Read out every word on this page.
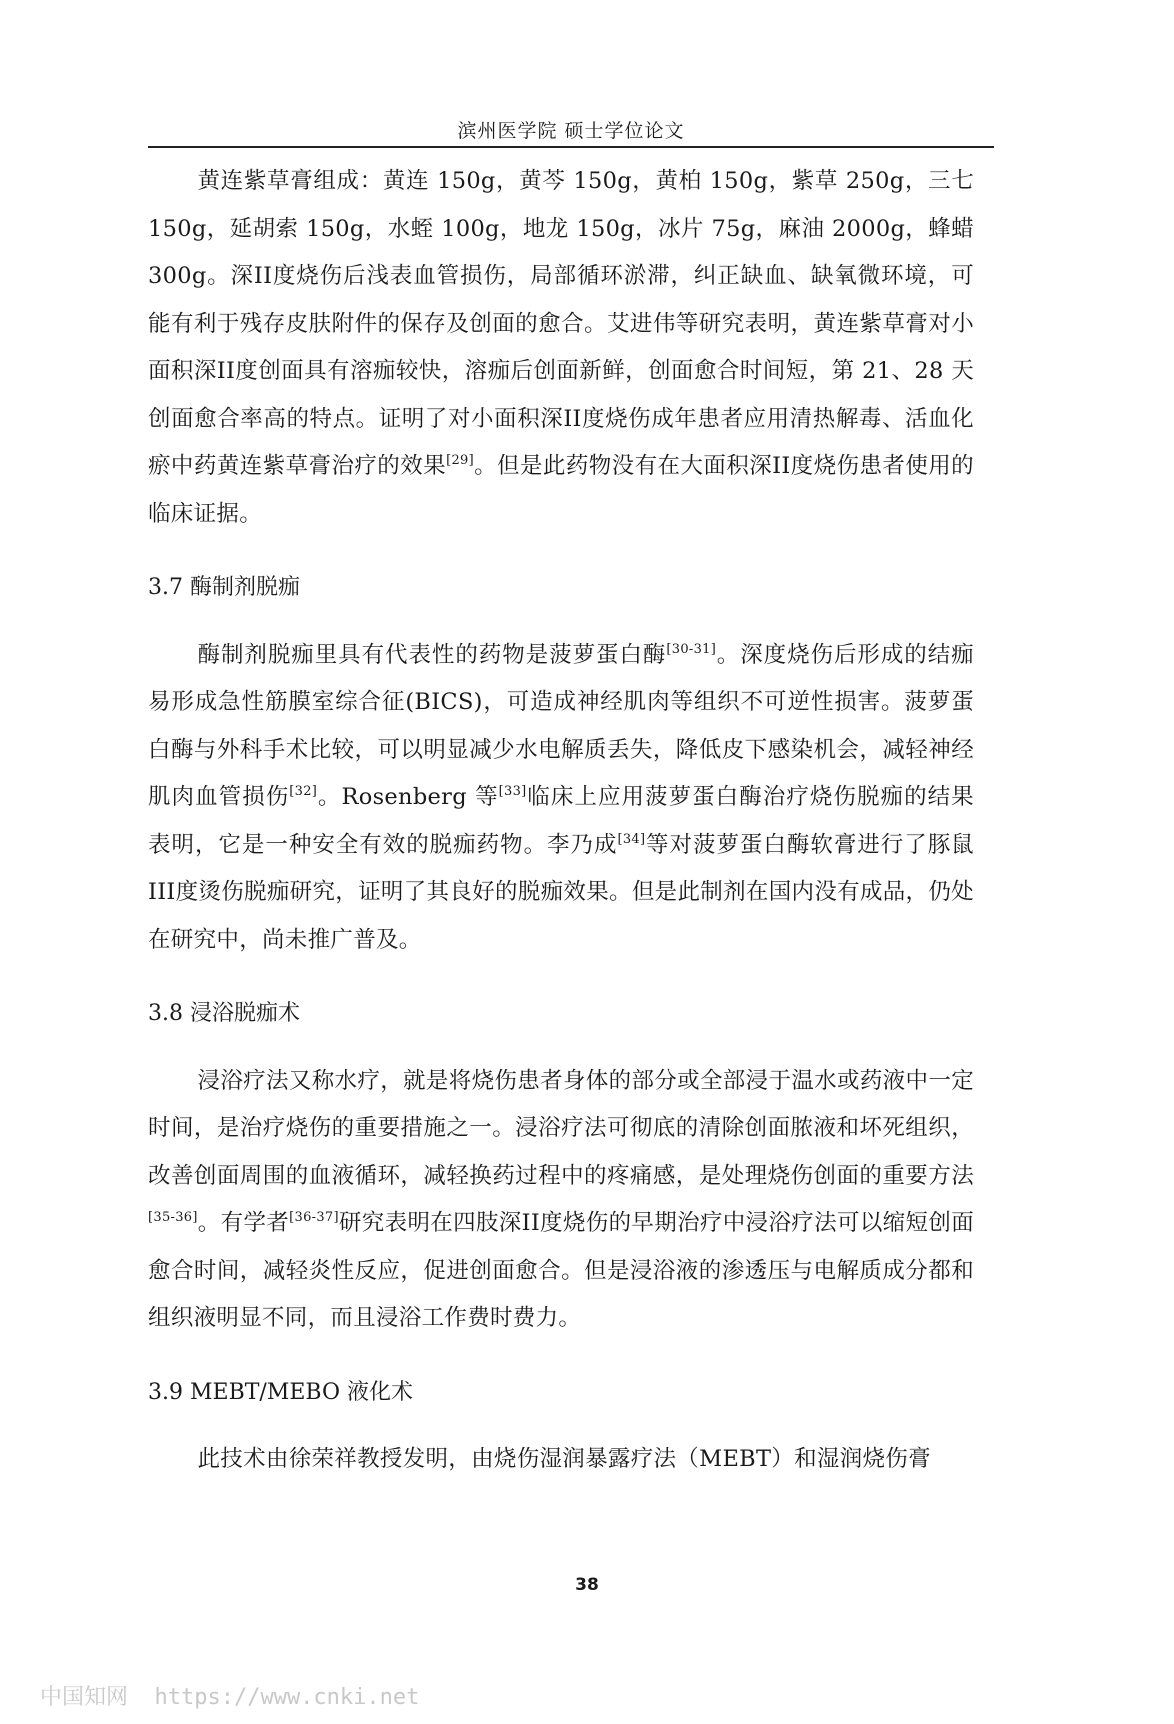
滨州医学院 硕士学位论文

黄连紫草膏组成：黄连 150g，黄芩 150g，黄柏 150g，紫草 250g，三七 150g，延胡索 150g，水蛭 100g，地龙 150g，冰片 75g，麻油 2000g，蜂蜡 300g。深II度烧伤后浅表血管损伤，局部循环淤滞，纠正缺血、缺氧微环境，可能有利于残存皮肤附件的保存及创面的愈合。艾进伟等研究表明，黄连紫草膏对小面积深II度创面具有溶痂较快，溶痂后创面新鲜，创面愈合时间短，第 21、28 天创面愈合率高的特点。证明了对小面积深II度烧伤成年患者应用清热解毒、活血化瘀中药黄连紫草膏治疗的效果[29]。但是此药物没有在大面积深II度烧伤患者使用的临床证据。

3.7 酶制剂脱痂

酶制剂脱痂里具有代表性的药物是菠萝蛋白酶[30-31]。深度烧伤后形成的结痂易形成急性筋膜室综合征(BICS)，可造成神经肌肉等组织不可逆性损害。菠萝蛋白酶与外科手术比较，可以明显减少水电解质丢失，降低皮下感染机会，减轻神经肌肉血管损伤[32]。Rosenberg 等[33]临床上应用菠萝蛋白酶治疗烧伤脱痂的结果表明，它是一种安全有效的脱痂药物。李乃成[34]等对菠萝蛋白酶软膏进行了豚鼠III度烫伤脱痂研究，证明了其良好的脱痂效果。但是此制剂在国内没有成品，仍处在研究中，尚未推广普及。

3.8 浸浴脱痂术

浸浴疗法又称水疗，就是将烧伤患者身体的部分或全部浸于温水或药液中一定时间，是治疗烧伤的重要措施之一。浸浴疗法可彻底的清除创面脓液和坏死组织，改善创面周围的血液循环，减轻换药过程中的疼痛感，是处理烧伤创面的重要方法[35-36]。有学者[36-37]研究表明在四肢深II度烧伤的早期治疗中浸浴疗法可以缩短创面愈合时间，减轻炎性反应，促进创面愈合。但是浸浴液的渗透压与电解质成分都和组织液明显不同，而且浸浴工作费时费力。

3.9 MEBT/MEBO 液化术

此技术由徐荣祥教授发明，由烧伤湿润暴露疗法（MEBT）和湿润烧伤膏

38
中国知网  https://www.cnki.net
